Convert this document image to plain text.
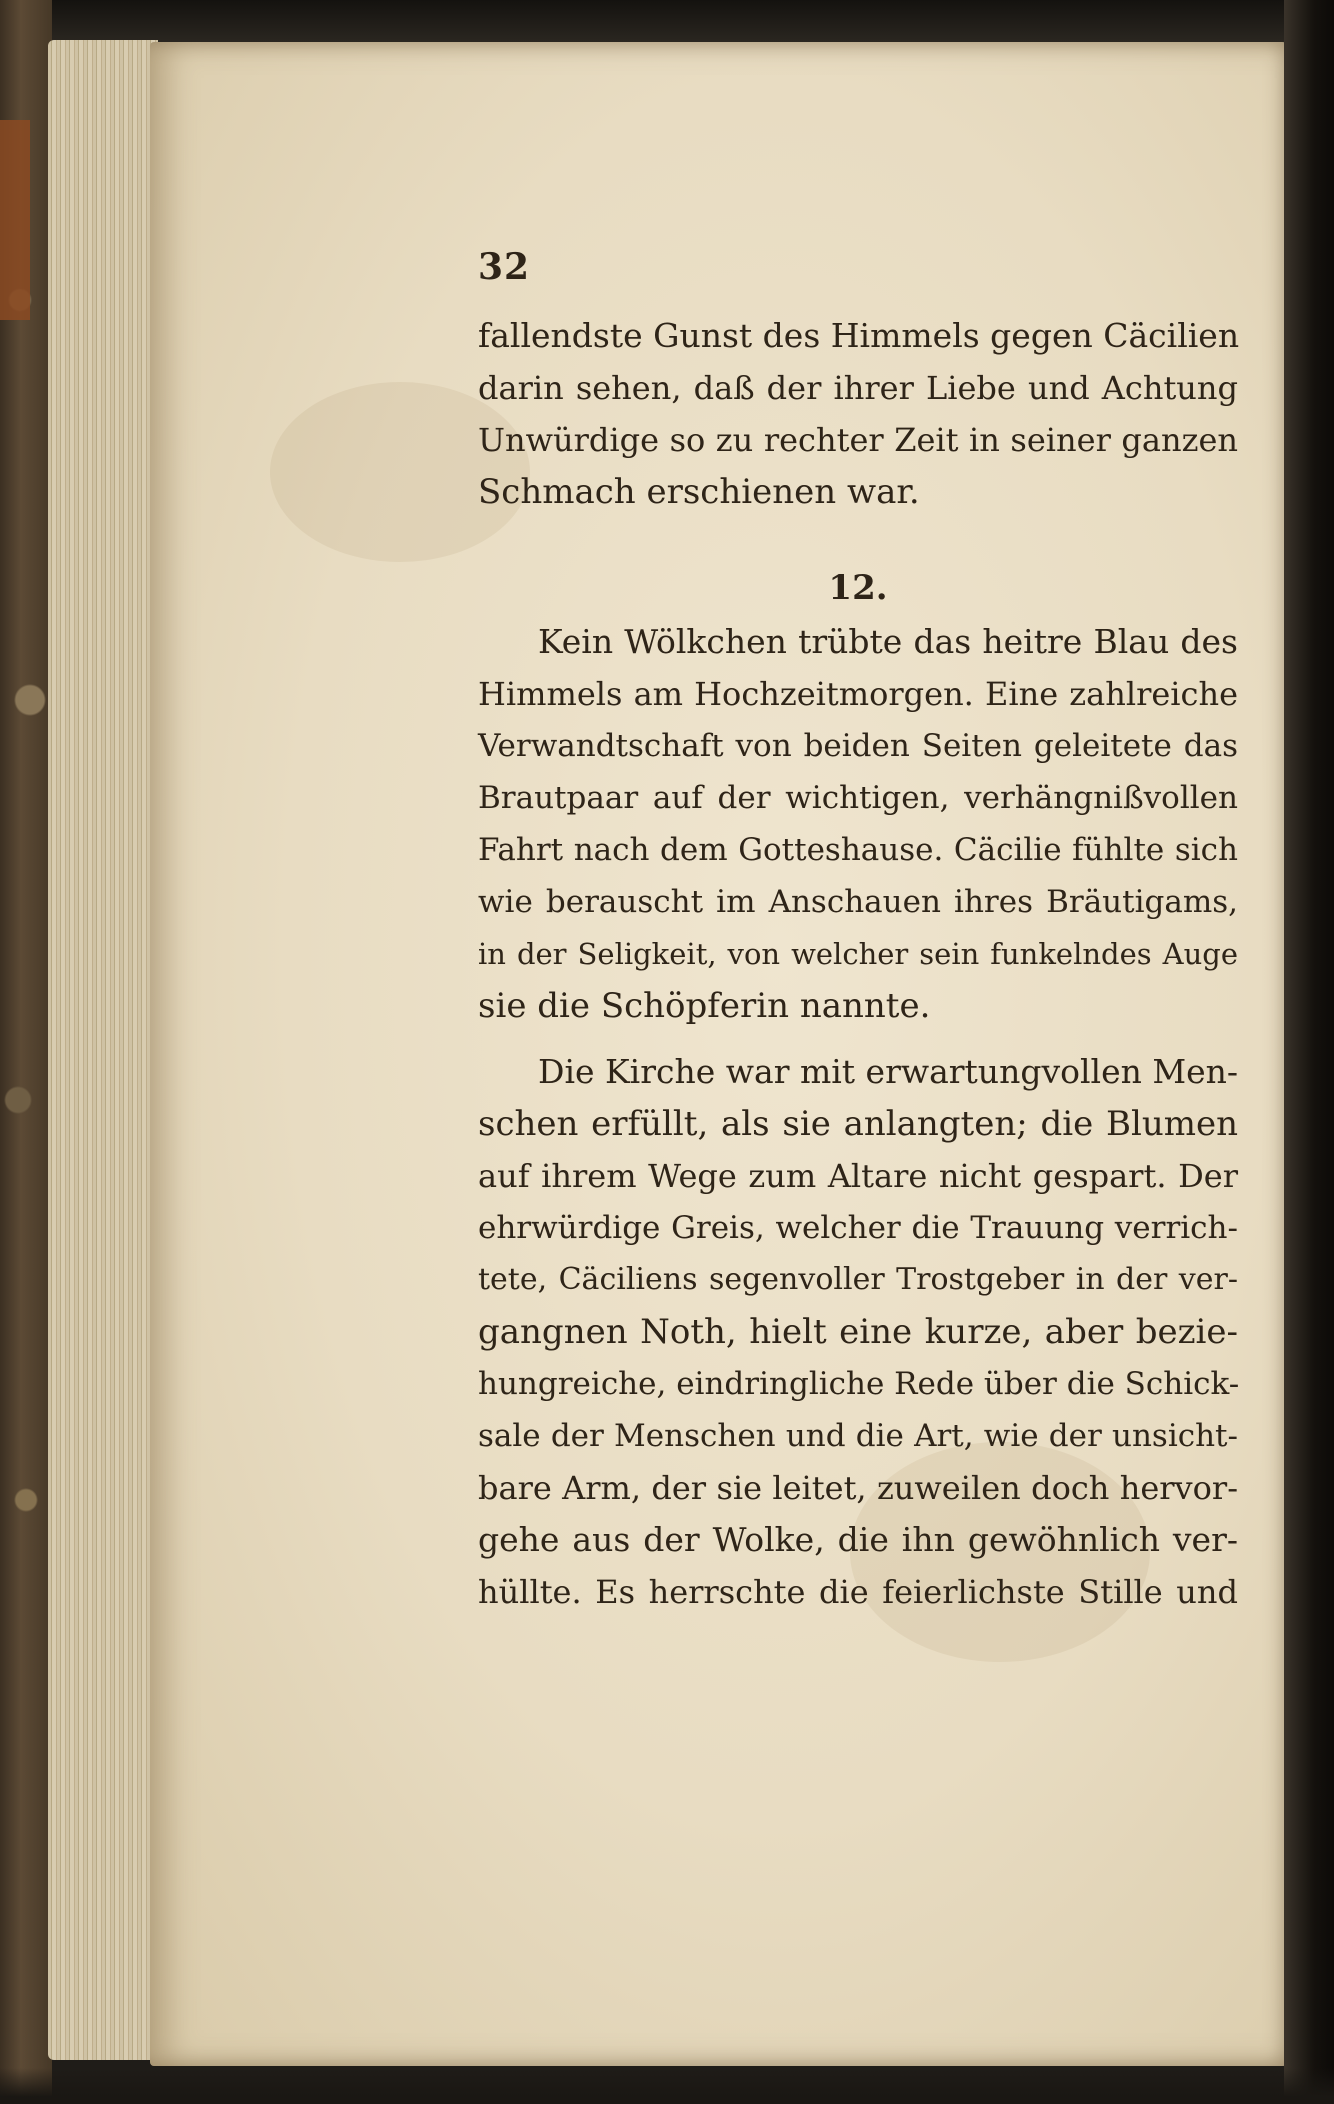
32
fallendste Gunst des Himmels gegen Cäcilien
darin sehen, daß der ihrer Liebe und Achtung
Unwürdige so zu rechter Zeit in seiner ganzen
Schmach erschienen war.
12.
Kein Wölkchen trübte das heitre Blau des
Himmels am Hochzeitmorgen. Eine zahlreiche
Verwandtschaft von beiden Seiten geleitete das
Brautpaar auf der wichtigen, verhängnißvollen
Fahrt nach dem Gotteshause. Cäcilie fühlte sich
wie berauscht im Anschauen ihres Bräutigams,
in der Seligkeit, von welcher sein funkelndes Auge
sie die Schöpferin nannte.
Die Kirche war mit erwartungvollen Men-
schen erfüllt, als sie anlangten; die Blumen
auf ihrem Wege zum Altare nicht gespart. Der
ehrwürdige Greis, welcher die Trauung verrich-
tete, Cäciliens segenvoller Trostgeber in der ver-
gangnen Noth, hielt eine kurze, aber bezie-
hungreiche, eindringliche Rede über die Schick-
sale der Menschen und die Art, wie der unsicht-
bare Arm, der sie leitet, zuweilen doch hervor-
gehe aus der Wolke, die ihn gewöhnlich ver-
hüllte. Es herrschte die feierlichste Stille und
